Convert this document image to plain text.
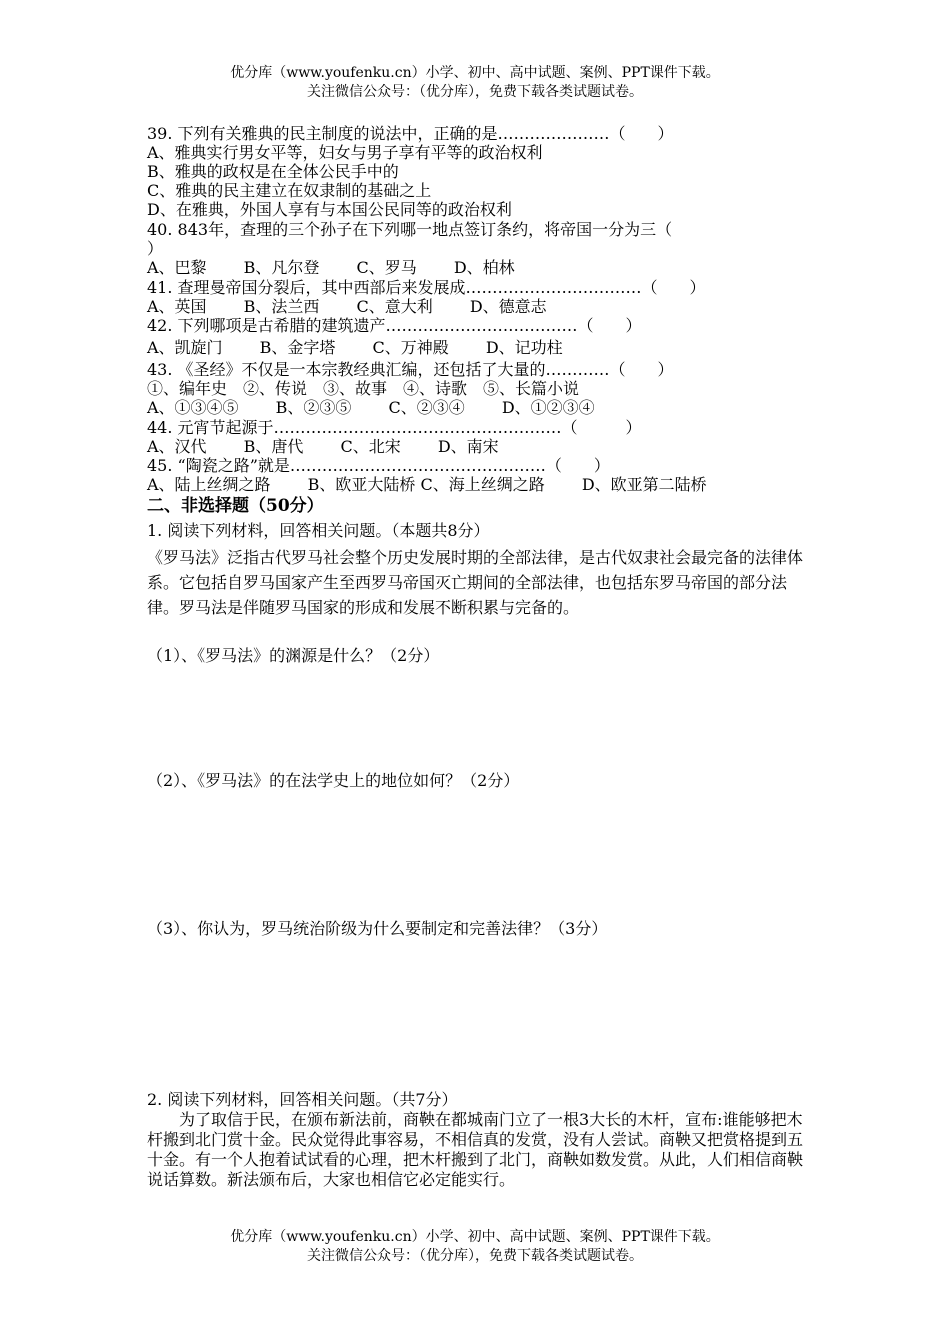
优分库（www.youfenku.cn）小学、初中、高中试题、案例、PPT课件下载。
关注微信公众号：（优分库），免费下载各类试题试卷。
39. 下列有关雅典的民主制度的说法中，正确的是…………………（　　）
A、雅典实行男女平等，妇女与男子享有平等的政治权利
B、雅典的政权是在全体公民手中的
C、雅典的民主建立在奴隶制的基础之上
D、在雅典，外国人享有与本国公民同等的政治权利
40. 843年，查理的三个孙子在下列哪一地点签订条约，将帝国一分为三（
）
A、巴黎　　 B、凡尔登　　 C、罗马　　 D、柏林
41. 查理曼帝国分裂后，其中西部后来发展成……………………………（　　）
A、英国　　 B、法兰西　　 C、意大利　　 D、德意志
42. 下列哪项是古希腊的建筑遗产………………………………（　　）
A、凯旋门　　 B、金字塔　　 C、万神殿　　 D、记功柱
43. 《圣经》不仅是一本宗教经典汇编，还包括了大量的…………（　　）
①、编年史　②、传说　③、故事　④、诗歌　⑤、长篇小说
A、①③④⑤　　 B、②③⑤　　 C、②③④　　 D、①②③④
44. 元宵节起源于………………………………………………（　　　）
A、汉代　　 B、唐代　　 C、北宋　　 D、南宋
45. “陶瓷之路”就是…………………………………………（　　）
A、陆上丝绸之路　　 B、欧亚大陆桥 C、海上丝绸之路　　 D、欧亚第二陆桥
二、非选择题（50分）
1. 阅读下列材料，回答相关问题。（本题共8分）
《罗马法》泛指古代罗马社会整个历史发展时期的全部法律，是古代奴隶社会最完备的法律体系。它包括自罗马国家产生至西罗马帝国灭亡期间的全部法律，也包括东罗马帝国的部分法律。罗马法是伴随罗马国家的形成和发展不断积累与完备的。
（1）、《罗马法》的渊源是什么？（2分）
（2）、《罗马法》的在法学史上的地位如何？（2分）
（3）、你认为，罗马统治阶级为什么要制定和完善法律？（3分）
2. 阅读下列材料，回答相关问题。（共7分）
　　为了取信于民，在颁布新法前，商鞅在都城南门立了一根3大长的木杆，宣布:谁能够把木杆搬到北门赏十金。民众觉得此事容易，不相信真的发赏，没有人尝试。商鞅又把赏格提到五十金。有一个人抱着试试看的心理，把木杆搬到了北门，商鞅如数发赏。从此，人们相信商鞅说话算数。新法颁布后，大家也相信它必定能实行。
优分库（www.youfenku.cn）小学、初中、高中试题、案例、PPT课件下载。
关注微信公众号：（优分库），免费下载各类试题试卷。
